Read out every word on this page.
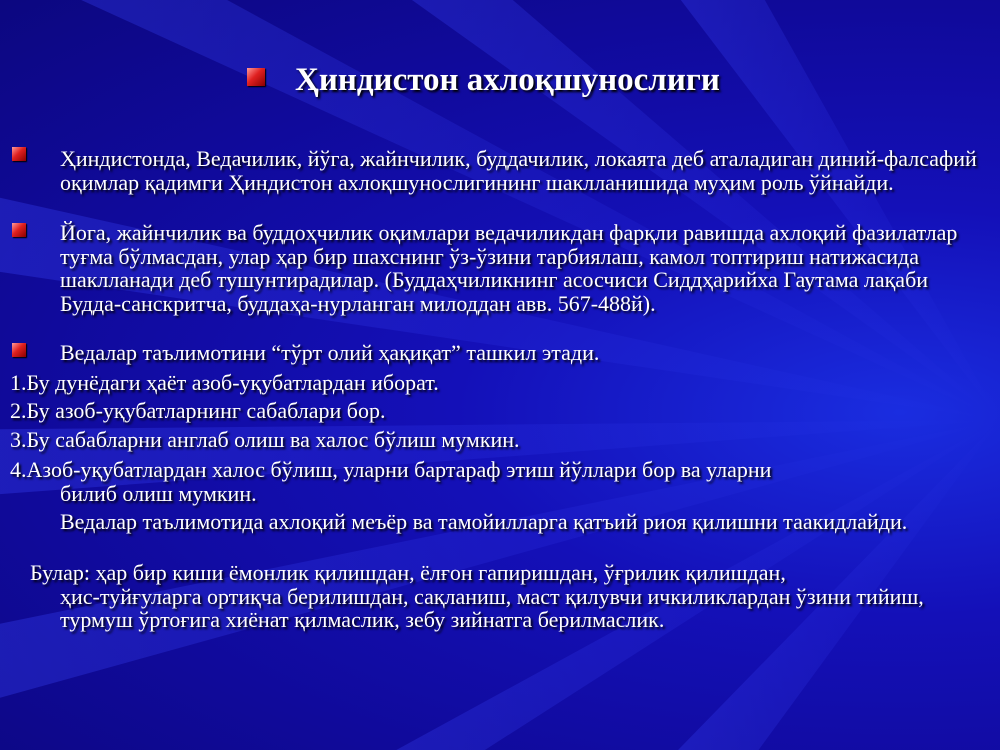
Ҳиндистон ахлоқшунослиги
Ҳиндистонда, Ведачилик, йўга, жайнчилик, буддачилик, локаята деб аталадиган диний-фалсафий оқимлар қадимги Ҳиндистон ахлоқшунослигининг шаклланишида муҳим роль ўйнайди.
Йога, жайнчилик ва буддоҳчилик оқимлари ведачиликдан фарқли равишда ахлоқий фазилатлар туғма бўлмасдан, улар ҳар бир шахснинг ўз-ўзини тарбиялаш, камол топтириш натижасида шаклланади деб тушунтирадилар. (Буддаҳчиликнинг асосчиси Сиддҳарийха Гаутама лақаби Будда-санскритча, буддаҳа-нурланган милоддан авв. 567-488й).
Ведалар таълимотини “тўрт олий ҳақиқат” ташкил этади.
1.Бу дунёдаги ҳаёт азоб-уқубатлардан иборат.
2.Бу азоб-уқубатларнинг сабаблари бор.
3.Бу сабабларни англаб олиш ва халос бўлиш мумкин.
4.Азоб-уқубатлардан халос бўлиш, уларни бартараф этиш йўллари бор ва уларни
билиб олиш мумкин.
Ведалар таълимотида ахлоқий меъёр ва тамойилларга қатъий риоя қилишни таакидлайди.
Булар: ҳар бир киши ёмонлик қилишдан, ёлғон гапиришдан, ўғрилик қилишдан,
ҳис-туйғуларга ортиқча берилишдан, сақланиш, маст қилувчи ичкиликлардан ўзини тийиш, турмуш ўртоғига хиёнат қилмаслик, зебу зийнатга берилмаслик.
